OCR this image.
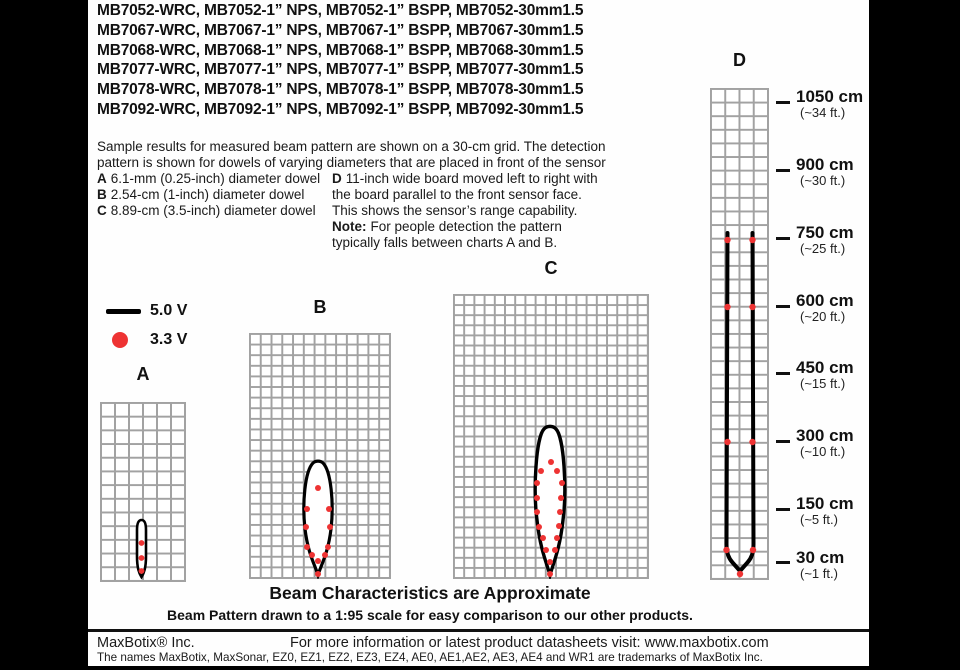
MB7052-WRC, MB7052-1” NPS, MB7052-1” BSPP, MB7052-30mm1.5
MB7067-WRC, MB7067-1” NPS, MB7067-1” BSPP, MB7067-30mm1.5
MB7068-WRC, MB7068-1” NPS, MB7068-1” BSPP, MB7068-30mm1.5
MB7077-WRC, MB7077-1” NPS, MB7077-1” BSPP, MB7077-30mm1.5
MB7078-WRC, MB7078-1” NPS, MB7078-1” BSPP, MB7078-30mm1.5
MB7092-WRC, MB7092-1” NPS, MB7092-1” BSPP, MB7092-30mm1.5
Sample results for measured beam pattern are shown on a 30-cm grid. The detection
pattern is shown for dowels of varying diameters that are placed in front of the sensor
A 6.1-mm (0.25-inch) diameter dowel
B 2.54-cm (1-inch) diameter dowel
C 8.89-cm (3.5-inch) diameter dowel
D 11-inch wide board moved left to right with
the board parallel to the front sensor face.
This shows the sensor’s range capability.
Note: For people detection the pattern
typically falls between charts A and B.
5.0 V
3.3 V
A
B
C
D
1050 cm
(~34 ft.)
900 cm
(~30 ft.)
750 cm
(~25 ft.)
600 cm
(~20 ft.)
450 cm
(~15 ft.)
300 cm
(~10 ft.)
150 cm
(~5 ft.)
30 cm
(~1 ft.)
Beam Characteristics are Approximate
Beam Pattern drawn to a 1:95 scale for easy comparison to our other products.
MaxBotix® Inc.	For more information or latest product datasheets visit: www.maxbotix.com
The names MaxBotix, MaxSonar, EZ0, EZ1, EZ2, EZ3, EZ4, AE0, AE1,AE2, AE3, AE4 and WR1 are trademarks of MaxBotix Inc.
